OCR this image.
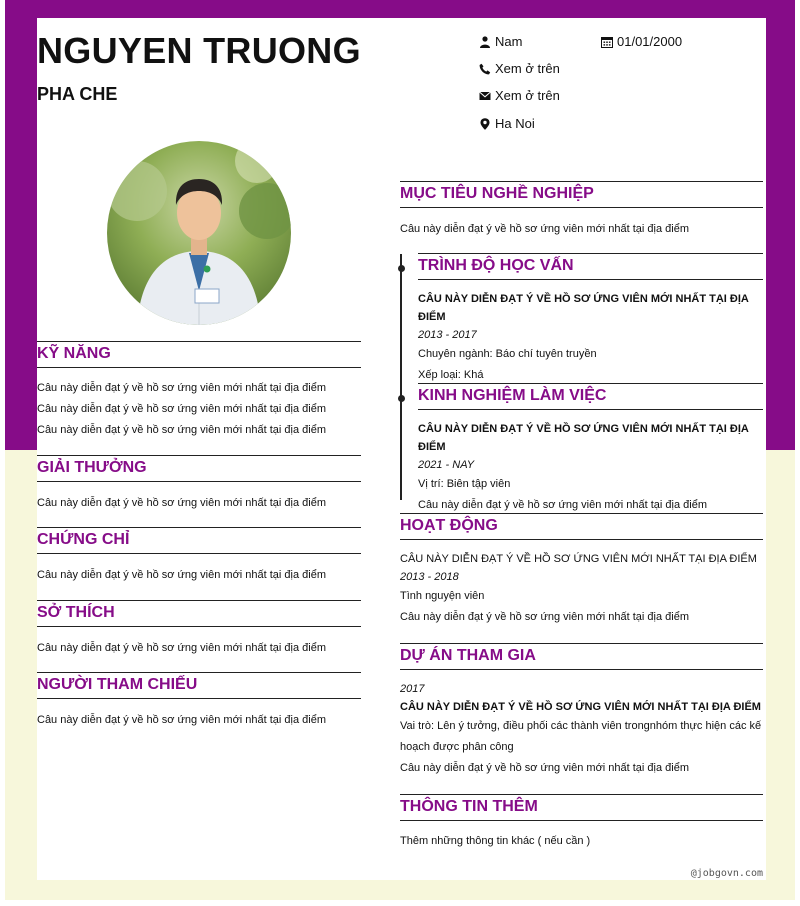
NGUYEN TRUONG
PHA CHE
Nam	01/01/2000
Xem ở trên
Xem ở trên
Ha Noi
KỸ NĂNG
Câu này diễn đạt ý về hồ sơ ứng viên mới nhất tại địa điểm
Câu này diễn đạt ý về hồ sơ ứng viên mới nhất tại địa điểm
Câu này diễn đạt ý về hồ sơ ứng viên mới nhất tại địa điểm
GIẢI THƯỞNG
Câu này diễn đạt ý về hồ sơ ứng viên mới nhất tại địa điểm
CHỨNG CHỈ
Câu này diễn đạt ý về hồ sơ ứng viên mới nhất tại địa điểm
SỞ THÍCH
Câu này diễn đạt ý về hồ sơ ứng viên mới nhất tại địa điểm
NGƯỜI THAM CHIẾU
Câu này diễn đạt ý về hồ sơ ứng viên mới nhất tại địa điểm
MỤC TIÊU NGHỀ NGHIỆP
Câu này diễn đạt ý về hồ sơ ứng viên mới nhất tại địa điểm
TRÌNH ĐỘ HỌC VẤN
CÂU NÀY DIỄN ĐẠT Ý VỀ HỒ SƠ ỨNG VIÊN MỚI NHẤT TẠI ĐỊA ĐIỂM
2013 - 2017
Chuyên ngành: Báo chí tuyên truyền
Xếp loại: Khá
KINH NGHIỆM LÀM VIỆC
CÂU NÀY DIỄN ĐẠT Ý VỀ HỒ SƠ ỨNG VIÊN MỚI NHẤT TẠI ĐỊA ĐIỂM
2021 - NAY
Vị trí: Biên tập viên
Câu này diễn đạt ý về hồ sơ ứng viên mới nhất tại địa điểm
HOẠT ĐỘNG
CÂU NÀY DIỄN ĐẠT Ý VỀ HỒ SƠ ỨNG VIÊN MỚI NHẤT TẠI ĐỊA ĐIỂM
2013 - 2018
Tình nguyện viên
Câu này diễn đạt ý về hồ sơ ứng viên mới nhất tại địa điểm
DỰ ÁN THAM GIA
2017
CÂU NÀY DIỄN ĐẠT Ý VỀ HỒ SƠ ỨNG VIÊN MỚI NHẤT TẠI ĐỊA ĐIỂM
Vai trò: Lên ý tưởng, điều phối các thành viên trongnhóm thực hiện các kế hoạch được phân công
Câu này diễn đạt ý về hồ sơ ứng viên mới nhất tại địa điểm
THÔNG TIN THÊM
Thêm những thông tin khác ( nếu cần )
@jobgovn.com
